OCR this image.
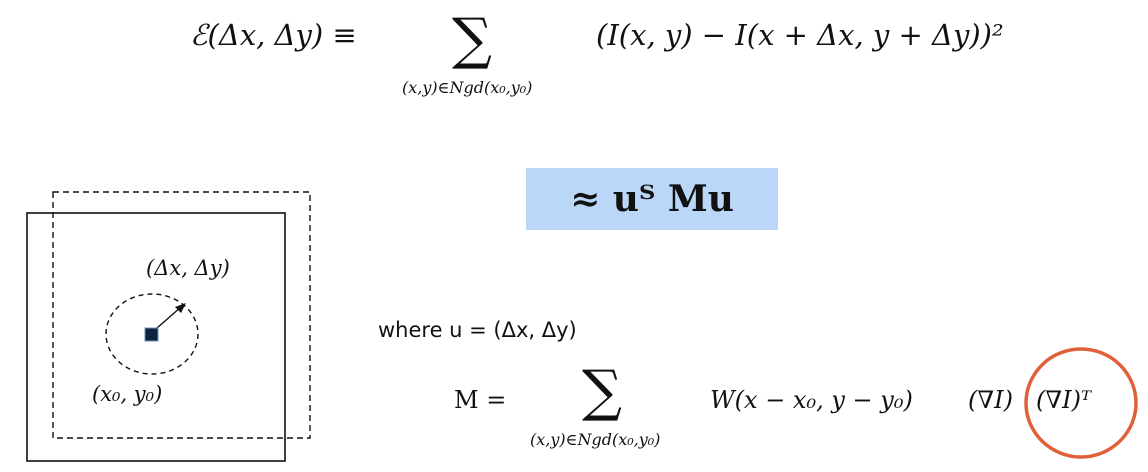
ℰ(Δx, Δy) ≡ ∑
(x,y)∈Ngd(x₀,y₀)
(I(x, y) − I(x + Δx, y + Δy))²
≈ uᵀ Mu
where u = (Δx, Δy)
M = ∑
(x,y)∈Ngd(x₀,y₀)
W(x − x₀, y − y₀) (∇I) (∇I)ᵀ
(Δx, Δy)
(x₀, y₀)
